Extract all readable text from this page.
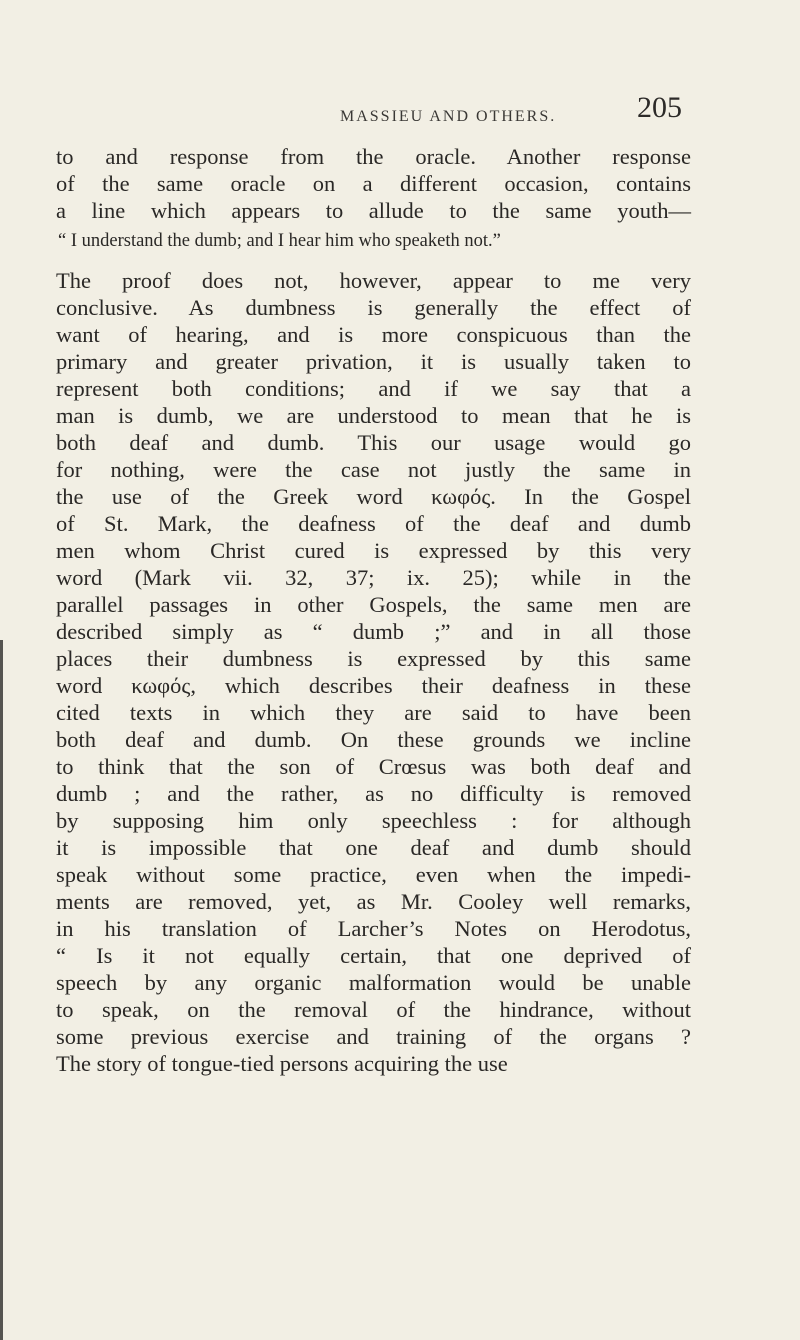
MASSIEU AND OTHERS.	205
to and response from the oracle. Another response
of the same oracle on a different occasion, contains
a line which appears to allude to the same youth—
“ I understand the dumb; and I hear him who speaketh not.”
The proof does not, however, appear to me very
conclusive. As dumbness is generally the effect of
want of hearing, and is more conspicuous than the
primary and greater privation, it is usually taken to
represent both conditions; and if we say that a
man is dumb, we are understood to mean that he is
both deaf and dumb. This our usage would go
for nothing, were the case not justly the same in
the use of the Greek word κωφός. In the Gospel
of St. Mark, the deafness of the deaf and dumb
men whom Christ cured is expressed by this very
word (Mark vii. 32, 37; ix. 25); while in the
parallel passages in other Gospels, the same men are
described simply as “ dumb ;” and in all those
places their dumbness is expressed by this same
word κωφός, which describes their deafness in these
cited texts in which they are said to have been
both deaf and dumb. On these grounds we incline
to think that the son of Crœsus was both deaf and
dumb ; and the rather, as no difficulty is removed
by supposing him only speechless : for although
it is impossible that one deaf and dumb should
speak without some practice, even when the impedi-
ments are removed, yet, as Mr. Cooley well remarks,
in his translation of Larcher’s Notes on Herodotus,
“ Is it not equally certain, that one deprived of
speech by any organic malformation would be unable
to speak, on the removal of the hindrance, without
some previous exercise and training of the organs ?
The story of tongue-tied persons acquiring the use
